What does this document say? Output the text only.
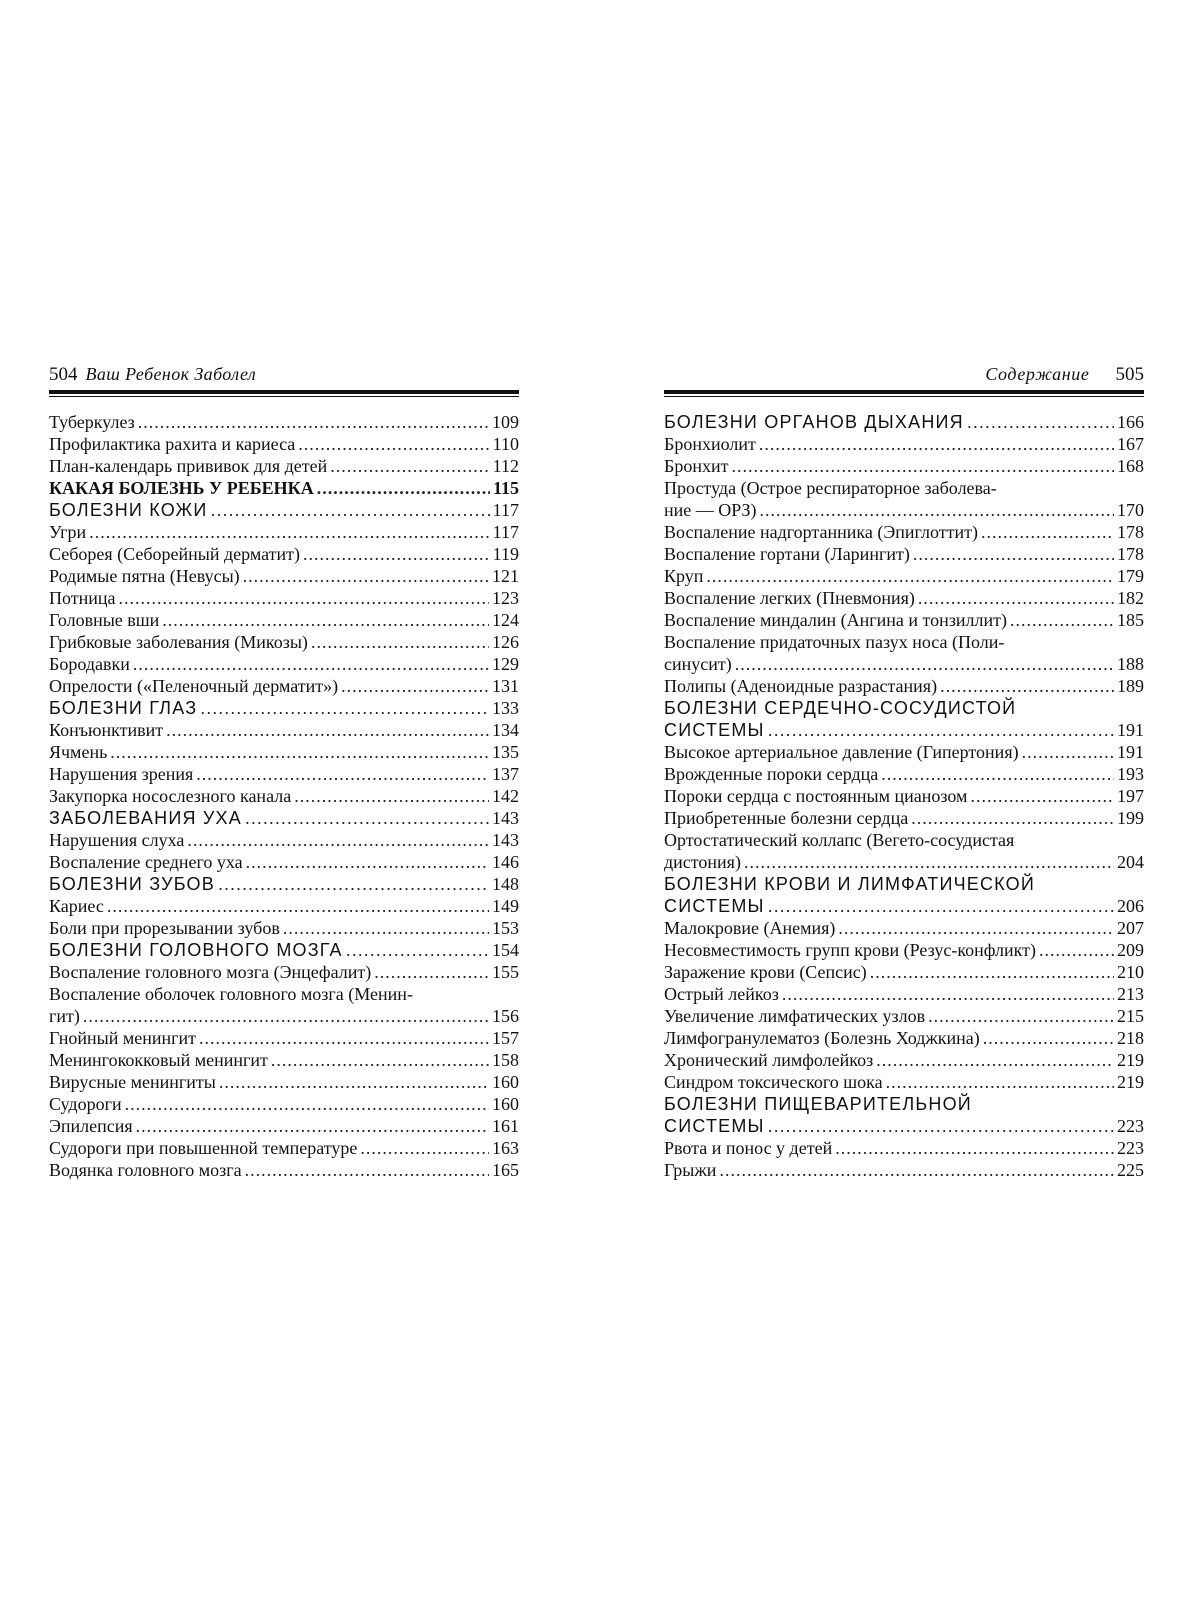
504 Ваш Ребенок Заболел
Туберкулез .....	109
Профилактика рахита и кариеса .....	110
План-календарь прививок для детей .....	112
КАКАЯ БОЛЕЗНЬ У РЕБЕНКА .....	115
БОЛЕЗНИ КОЖИ .....	117
Угри .....	117
Себорея (Себорейный дерматит) .....	119
Родимые пятна (Невусы) .....	121
Потница .....	123
Головные вши .....	124
Грибковые заболевания (Микозы) .....	126
Бородавки .....	129
Опрелости («Пеленочный дерматит») .....	131
БОЛЕЗНИ ГЛАЗ .....	133
Конъюнктивит .....	134
Ячмень .....	135
Нарушения зрения .....	137
Закупорка носослезного канала .....	142
ЗАБОЛЕВАНИЯ УХА .....	143
Нарушения слуха .....	143
Воспаление среднего уха .....	146
БОЛЕЗНИ ЗУБОВ .....	148
Кариес .....	149
Боли при прорезывании зубов .....	153
БОЛЕЗНИ ГОЛОВНОГО МОЗГА .....	154
Воспаление головного мозга (Энцефалит) .....	155
Воспаление оболочек головного мозга (Менин-
гит) .....	156
Гнойный менингит .....	157
Менингококковый менингит .....	158
Вирусные менингиты .....	160
Судороги .....	160
Эпилепсия .....	161
Судороги при повышенной температуре .....	163
Водянка головного мозга .....	165
Содержание 505
БОЛЕЗНИ ОРГАНОВ ДЫХАНИЯ .....	166
Бронхиолит .....	167
Бронхит .....	168
Простуда (Острое респираторное заболева-
ние — ОРЗ) .....	170
Воспаление надгортанника (Эпиглоттит) .....	178
Воспаление гортани (Ларингит) .....	178
Круп .....	179
Воспаление легких (Пневмония) .....	182
Воспаление миндалин (Ангина и тонзиллит) .....	185
Воспаление придаточных пазух носа (Поли-
синусит) .....	188
Полипы (Аденоидные разрастания) .....	189
БОЛЕЗНИ СЕРДЕЧНО-СОСУДИСТОЙ
СИСТЕМЫ .....	191
Высокое артериальное давление (Гипертония) .....	191
Врожденные пороки сердца .....	193
Пороки сердца с постоянным цианозом .....	197
Приобретенные болезни сердца .....	199
Ортостатический коллапс (Вегето-сосудистая
дистония) .....	204
БОЛЕЗНИ КРОВИ И ЛИМФАТИЧЕСКОЙ
СИСТЕМЫ .....	206
Малокровие (Анемия) .....	207
Несовместимость групп крови (Резус-конфликт) .....	209
Заражение крови (Сепсис) .....	210
Острый лейкоз .....	213
Увеличение лимфатических узлов .....	215
Лимфогранулематоз (Болезнь Ходжкина) .....	218
Хронический лимфолейкоз .....	219
Синдром токсического шока .....	219
БОЛЕЗНИ ПИЩЕВАРИТЕЛЬНОЙ
СИСТЕМЫ .....	223
Рвота и понос у детей .....	223
Грыжи .....	225
